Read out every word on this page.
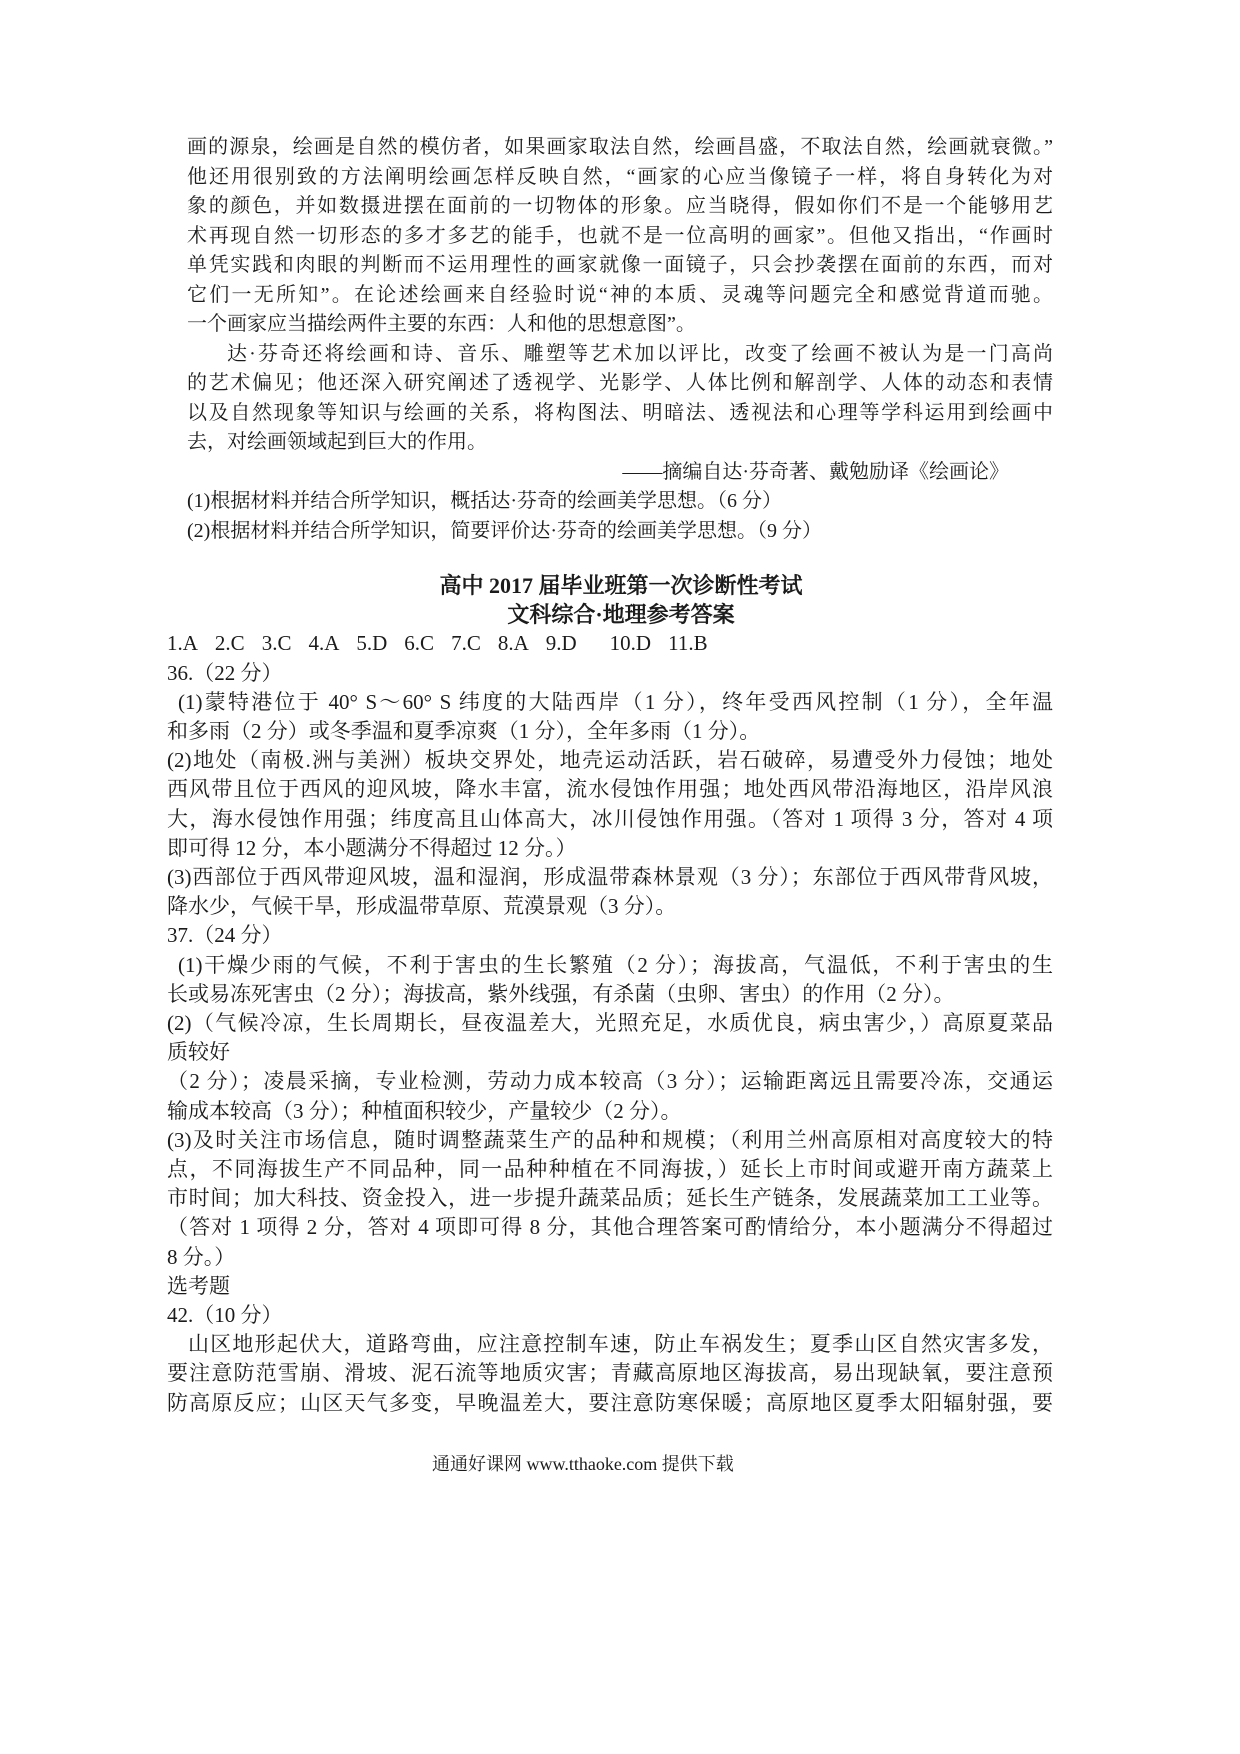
画的源泉，绘画是自然的模仿者，如果画家取法自然，绘画昌盛，不取法自然，绘画就衰微。”
他还用很别致的方法阐明绘画怎样反映自然，“画家的心应当像镜子一样，将自身转化为对
象的颜色，并如数摄进摆在面前的一切物体的形象。应当晓得，假如你们不是一个能够用艺
术再现自然一切形态的多才多艺的能手，也就不是一位高明的画家”。但他又指出，“作画时
单凭实践和肉眼的判断而不运用理性的画家就像一面镜子，只会抄袭摆在面前的东西，而对
它们一无所知”。在论述绘画来自经验时说“神的本质、灵魂等问题完全和感觉背道而驰。
一个画家应当描绘两件主要的东西：人和他的思想意图”。
达·芬奇还将绘画和诗、音乐、雕塑等艺术加以评比，改变了绘画不被认为是一门高尚
的艺术偏见；他还深入研究阐述了透视学、光影学、人体比例和解剖学、人体的动态和表情
以及自然现象等知识与绘画的关系，将构图法、明暗法、透视法和心理等学科运用到绘画中
去，对绘画领域起到巨大的作用。
——摘编自达·芬奇著、戴勉励译《绘画论》
(1)根据材料并结合所学知识，概括达·芬奇的绘画美学思想。（6 分）
(2)根据材料并结合所学知识，简要评价达·芬奇的绘画美学思想。（9 分）
高中 2017 届毕业班第一次诊断性考试
文科综合·地理参考答案
1.A 2.C 3.C 4.A 5.D 6.C 7.C 8.A 9.D 10.D 11.B
36.（22 分）
(1)蒙特港位于 40° S～60° S 纬度的大陆西岸（1 分），终年受西风控制（1 分），全年温
和多雨（2 分）或冬季温和夏季凉爽（1 分），全年多雨（1 分）。
(2)地处（南极.洲与美洲）板块交界处，地壳运动活跃，岩石破碎，易遭受外力侵蚀；地处
西风带且位于西风的迎风坡，降水丰富，流水侵蚀作用强；地处西风带沿海地区，沿岸风浪
大，海水侵蚀作用强；纬度高且山体高大，冰川侵蚀作用强。（答对 1 项得 3 分，答对 4 项
即可得 12 分，本小题满分不得超过 12 分。）
(3)西部位于西风带迎风坡，温和湿润，形成温带森林景观（3 分）；东部位于西风带背风坡，
降水少，气候干旱，形成温带草原、荒漠景观（3 分）。
37.（24 分）
(1)干燥少雨的气候，不利于害虫的生长繁殖（2 分）；海拔高，气温低，不利于害虫的生
长或易冻死害虫（2 分）；海拔高，紫外线强，有杀菌（虫卵、害虫）的作用（2 分）。
(2)（气候冷凉，生长周期长，昼夜温差大，光照充足，水质优良，病虫害少，）高原夏菜品
质较好
（2 分）；凌晨采摘，专业检测，劳动力成本较高（3 分）；运输距离远且需要冷冻，交通运
输成本较高（3 分）；种植面积较少，产量较少（2 分）。
(3)及时关注市场信息，随时调整蔬菜生产的品种和规模；（利用兰州高原相对高度较大的特
点，不同海拔生产不同品种，同一品种种植在不同海拔，）延长上市时间或避开南方蔬菜上
市时间；加大科技、资金投入，进一步提升蔬菜品质；延长生产链条，发展蔬菜加工工业等。
（答对 1 项得 2 分，答对 4 项即可得 8 分，其他合理答案可酌情给分，本小题满分不得超过
8 分。）
选考题
42.（10 分）
山区地形起伏大，道路弯曲，应注意控制车速，防止车祸发生；夏季山区自然灾害多发，
要注意防范雪崩、滑坡、泥石流等地质灾害；青藏高原地区海拔高，易出现缺氧，要注意预
防高原反应；山区天气多变，早晚温差大，要注意防寒保暖；高原地区夏季太阳辐射强，要
通通好课网 www.tthaoke.com 提供下载
